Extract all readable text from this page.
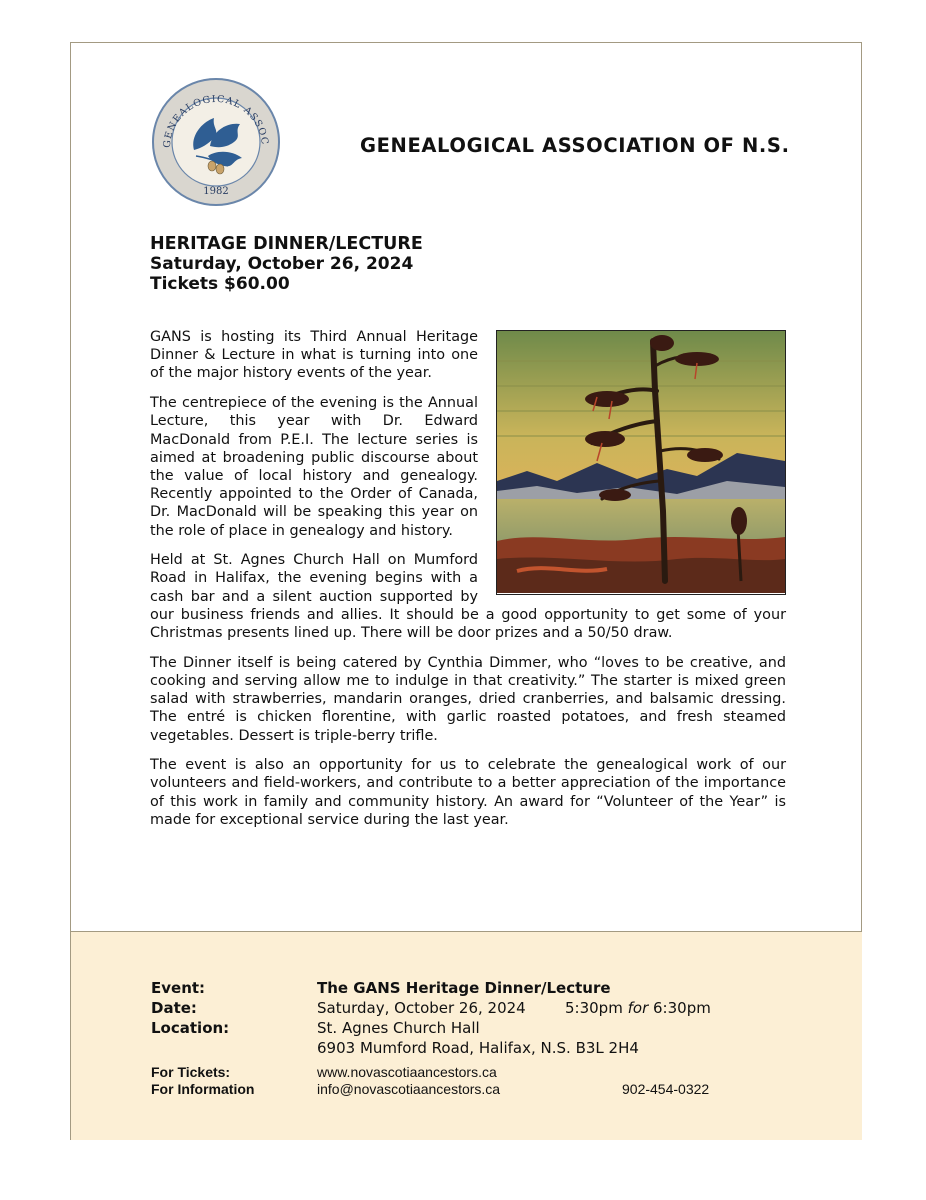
GENEALOGICAL ASSOC
1982
GENEALOGICAL ASSOCIATION OF N.S.
HERITAGE DINNER/LECTURE
Saturday, October 26, 2024
Tickets $60.00

GANS is hosting its Third Annual Heritage Dinner & Lecture in what is turning into one of the major history events of the year.

The centrepiece of the evening is the Annual Lecture, this year with Dr. Edward MacDonald from P.E.I. The lecture series is aimed at broadening public discourse about the value of local history and genealogy. Recently appointed to the Order of Canada, Dr. MacDonald will be speaking this year on the role of place in genealogy and history.

Held at St. Agnes Church Hall on Mumford Road in Halifax, the evening begins with a cash bar and a silent auction supported by our business friends and allies. It should be a good opportunity to get some of your Christmas presents lined up. There will be door prizes and a 50/50 draw.

The Dinner itself is being catered by Cynthia Dimmer, who “loves to be creative, and cooking and serving allow me to indulge in that creativity.” The starter is mixed green salad with strawberries, mandarin oranges, dried cranberries, and balsamic dressing. The entré is chicken florentine, with garlic roasted potatoes, and fresh steamed vegetables. Dessert is triple-berry trifle.

The event is also an opportunity for us to celebrate the genealogical work of our volunteers and field-workers, and contribute to a better appreciation of the importance of this work in family and community history. An award for “Volunteer of the Year” is made for exceptional service during the last year.

Event:	The GANS Heritage Dinner/Lecture
Date:	Saturday, October 26, 2024	5:30pm for 6:30pm
Location:	St. Agnes Church Hall
6903 Mumford Road, Halifax, N.S. B3L 2H4
For Tickets:	www.novascotiaancestors.ca
For Information	info@novascotiaancestors.ca	902-454-0322
